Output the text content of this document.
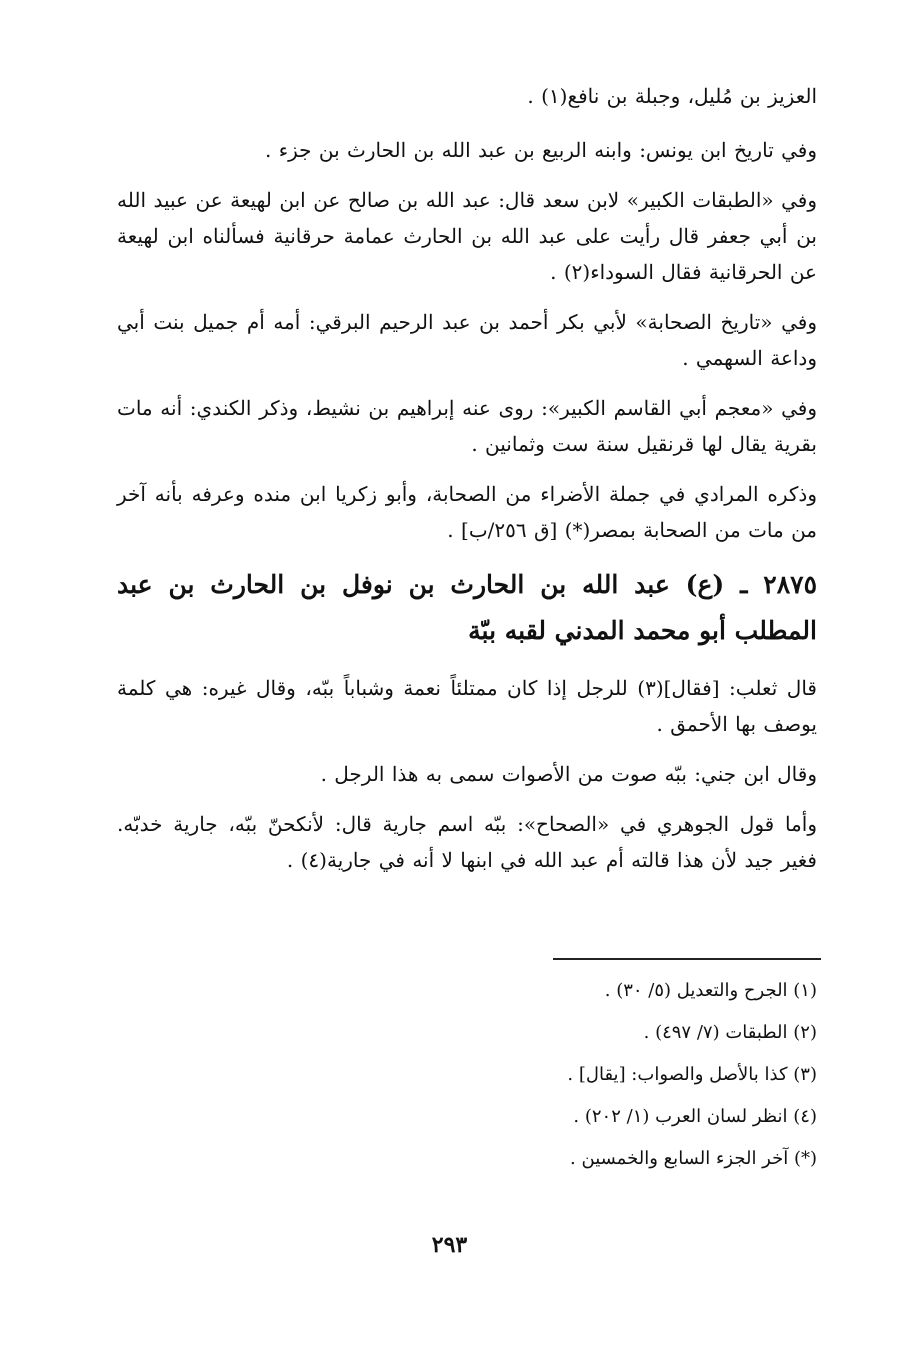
العزيز بن مُليل، وجبلة بن نافع(١) .

وفي تاريخ ابن يونس: وابنه الربيع بن عبد الله بن الحارث بن جزء .

وفي «الطبقات الكبير» لابن سعد قال: عبد الله بن صالح عن ابن لهيعة عن عبيد الله بن أبي جعفر قال رأيت على عبد الله بن الحارث عمامة حرقانية فسألناه ابن لهيعة عن الحرقانية فقال السوداء(٢) .

وفي «تاريخ الصحابة» لأبي بكر أحمد بن عبد الرحيم البرقي: أمه أم جميل بنت أبي وداعة السهمي .

وفي «معجم أبي القاسم الكبير»: روى عنه إبراهيم بن نشيط، وذكر الكندي: أنه مات بقرية يقال لها قرنقيل سنة ست وثمانين .

وذكره المرادي في جملة الأضراء من الصحابة، وأبو زكريا ابن منده وعرفه بأنه آخر من مات من الصحابة بمصر(*) [ق ٢٥٦/ب] .

٢٨٧٥ ـ (ع) عبد الله بن الحارث بن نوفل بن الحارث بن عبد المطلب أبو محمد المدني لقبه ببّة

قال ثعلب: [فقال](٣) للرجل إذا كان ممتلئاً نعمة وشباباً ببّه، وقال غيره: هي كلمة يوصف بها الأحمق .

وقال ابن جني: ببّه صوت من الأصوات سمى به هذا الرجل .

وأما قول الجوهري في «الصحاح»: ببّه اسم جارية قال: لأنكحنّ ببّه، جارية خدبّه. فغير جيد لأن هذا قالته أم عبد الله في ابنها لا أنه في جارية(٤) .

(١) الجرح والتعديل (٥/ ٣٠) .

(٢) الطبقات (٧/ ٤٩٧) .

(٣) كذا بالأصل والصواب: [يقال] .

(٤) انظر لسان العرب (١/ ٢٠٢) .

(*) آخر الجزء السابع والخمسين .

٢٩٣
